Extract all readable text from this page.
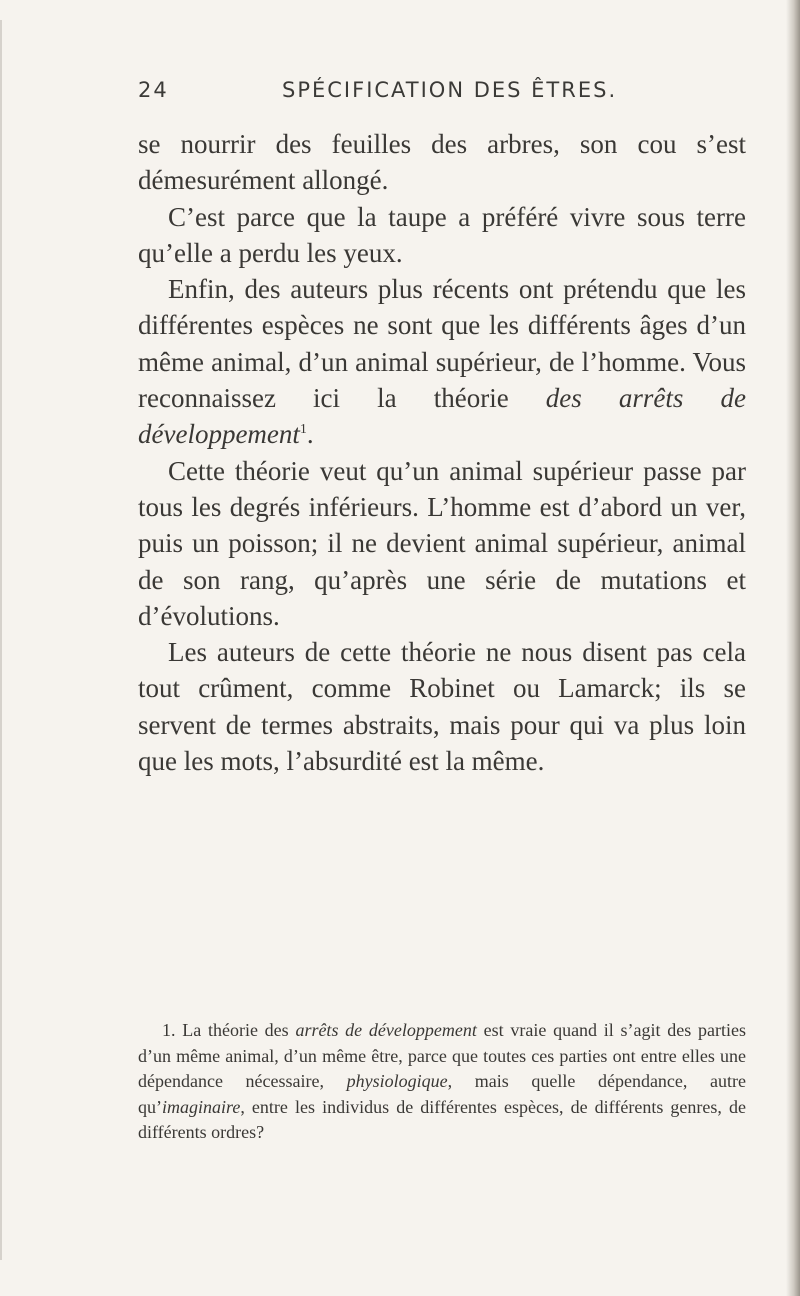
24	SPÉCIFICATION DES ÊTRES.

se nourrir des feuilles des arbres, son cou s’est démesurément allongé.

C’est parce que la taupe a préféré vivre sous terre qu’elle a perdu les yeux.

Enfin, des auteurs plus récents ont prétendu que les différentes espèces ne sont que les différents âges d’un même animal, d’un animal supérieur, de l’homme. Vous reconnaissez ici la théorie des arrêts de développement$^1$.

Cette théorie veut qu’un animal supérieur passe par tous les degrés inférieurs. L’homme est d’abord un ver, puis un poisson; il ne devient animal supérieur, animal de son rang, qu’après une série de mutations et d’évolutions.

Les auteurs de cette théorie ne nous disent pas cela tout crûment, comme Robinet ou Lamarck; ils se servent de termes abstraits, mais pour qui va plus loin que les mots, l’absurdité est la même.

1. La théorie des arrêts de développement est vraie quand il s’agit des parties d’un même animal, d’un même être, parce que toutes ces parties ont entre elles une dépendance nécessaire, physiologique, mais quelle dépendance, autre qu’imaginaire, entre les individus de différentes espèces, de différents genres, de différents ordres?
